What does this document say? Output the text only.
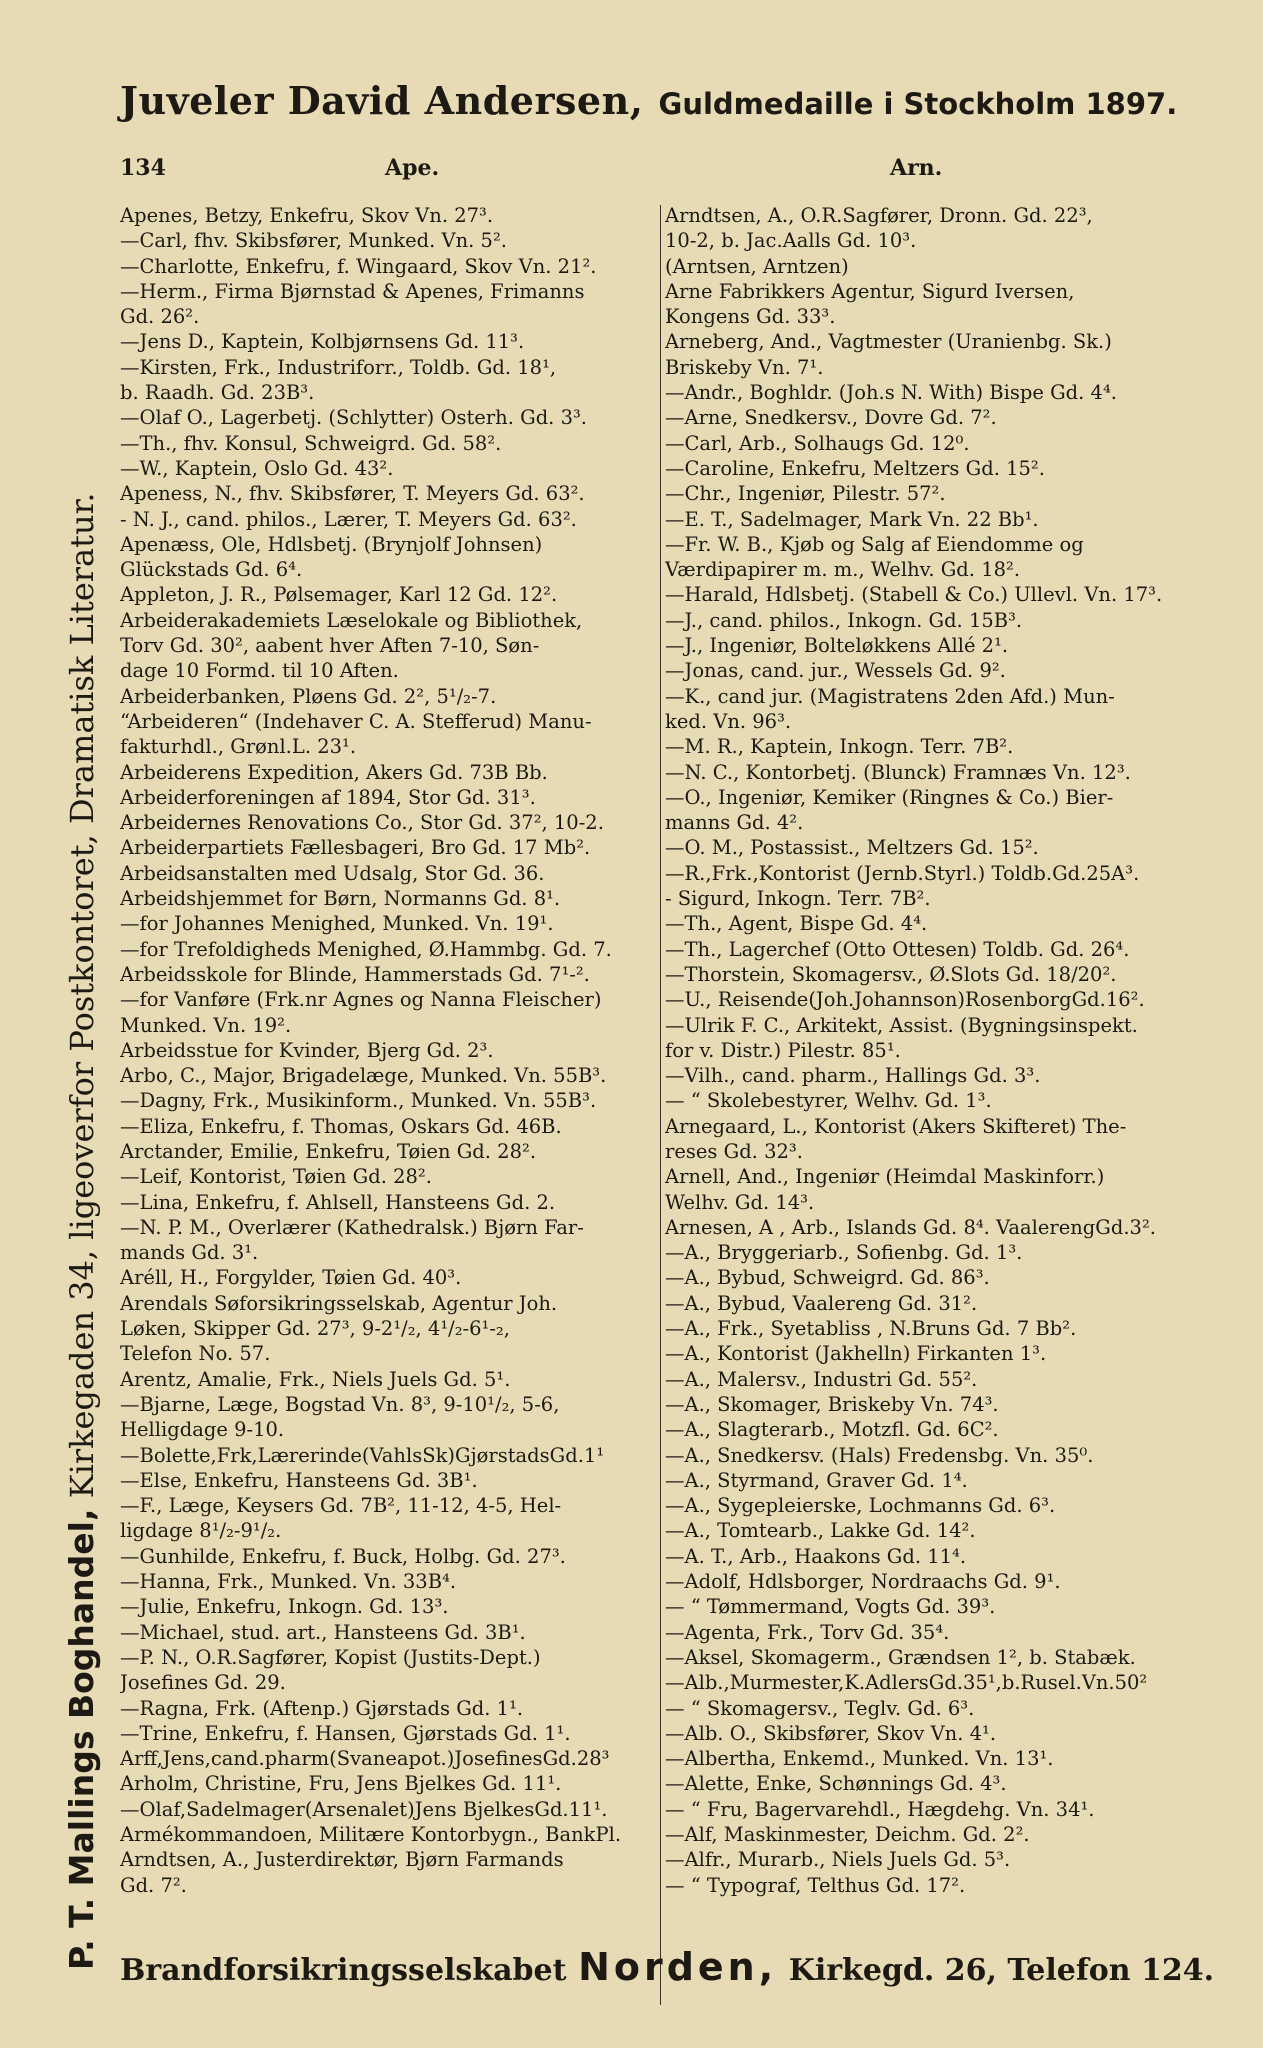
Juveler David Andersen, Guldmedaille i Stockholm 1897.
134	Ape.	Arn.
P. T. Mallings Boghandel, Kirkegaden 34, ligeoverfor Postkontoret, Dramatisk Literatur.
Apenes, Betzy, Enkefru, Skov Vn. 27³.
—Carl, fhv. Skibsfører, Munked. Vn. 5².
—Charlotte, Enkefru, f. Wingaard, Skov Vn. 21².
—Herm., Firma Bjørnstad & Apenes, Frimanns
Gd. 26².
—Jens D., Kaptein, Kolbjørnsens Gd. 11³.
—Kirsten, Frk., Industriforr., Toldb. Gd. 18¹,
b. Raadh. Gd. 23B³.
—Olaf O., Lagerbetj. (Schlytter) Osterh. Gd. 3³.
—Th., fhv. Konsul, Schweigrd. Gd. 58².
—W., Kaptein, Oslo Gd. 43².
Apeness, N., fhv. Skibsfører, T. Meyers Gd. 63².
- N. J., cand. philos., Lærer, T. Meyers Gd. 63².
Apenæss, Ole, Hdlsbetj. (Brynjolf Johnsen)
Glückstads Gd. 6⁴.
Appleton, J. R., Pølsemager, Karl 12 Gd. 12².
Arbeiderakademiets Læselokale og Bibliothek,
Torv Gd. 30², aabent hver Aften 7-10, Søn-
dage 10 Formd. til 10 Aften.
Arbeiderbanken, Pløens Gd. 2², 5¹/₂-7.
“Arbeideren“ (Indehaver C. A. Stefferud) Manu-
fakturhdl., Grønl.L. 23¹.
Arbeiderens Expedition, Akers Gd. 73B Bb.
Arbeiderforeningen af 1894, Stor Gd. 31³.
Arbeidernes Renovations Co., Stor Gd. 37², 10-2.
Arbeiderpartiets Fællesbageri, Bro Gd. 17 Mb².
Arbeidsanstalten med Udsalg, Stor Gd. 36.
Arbeidshjemmet for Børn, Normanns Gd. 8¹.
—for Johannes Menighed, Munked. Vn. 19¹.
—for Trefoldigheds Menighed, Ø.Hammbg. Gd. 7.
Arbeidsskole for Blinde, Hammerstads Gd. 7¹-².
—for Vanføre (Frk.nr Agnes og Nanna Fleischer)
Munked. Vn. 19².
Arbeidsstue for Kvinder, Bjerg Gd. 2³.
Arbo, C., Major, Brigadelæge, Munked. Vn. 55B³.
—Dagny, Frk., Musikinform., Munked. Vn. 55B³.
—Eliza, Enkefru, f. Thomas, Oskars Gd. 46B.
Arctander, Emilie, Enkefru, Tøien Gd. 28².
—Leif, Kontorist, Tøien Gd. 28².
—Lina, Enkefru, f. Ahlsell, Hansteens Gd. 2.
—N. P. M., Overlærer (Kathedralsk.) Bjørn Far-
mands Gd. 3¹.
Aréll, H., Forgylder, Tøien Gd. 40³.
Arendals Søforsikringsselskab, Agentur Joh.
Løken, Skipper Gd. 27³, 9-2¹/₂, 4¹/₂-6¹-₂,
Telefon No. 57.
Arentz, Amalie, Frk., Niels Juels Gd. 5¹.
—Bjarne, Læge, Bogstad Vn. 8³, 9-10¹/₂, 5-6,
Helligdage 9-10.
—Bolette,Frk,Lærerinde(VahlsSk)GjørstadsGd.1¹
—Else, Enkefru, Hansteens Gd. 3B¹.
—F., Læge, Keysers Gd. 7B², 11-12, 4-5, Hel-
ligdage 8¹/₂-9¹/₂.
—Gunhilde, Enkefru, f. Buck, Holbg. Gd. 27³.
—Hanna, Frk., Munked. Vn. 33B⁴.
—Julie, Enkefru, Inkogn. Gd. 13³.
—Michael, stud. art., Hansteens Gd. 3B¹.
—P. N., O.R.Sagfører, Kopist (Justits-Dept.)
Josefines Gd. 29.
—Ragna, Frk. (Aftenp.) Gjørstads Gd. 1¹.
—Trine, Enkefru, f. Hansen, Gjørstads Gd. 1¹.
Arff,Jens,cand.pharm(Svaneapot.)JosefinesGd.28³
Arholm, Christine, Fru, Jens Bjelkes Gd. 11¹.
—Olaf,Sadelmager(Arsenalet)Jens BjelkesGd.11¹.
Armékommandoen, Militære Kontorbygn., BankPl.
Arndtsen, A., Justerdirektør, Bjørn Farmands
Gd. 7².
Arndtsen, A., O.R.Sagfører, Dronn. Gd. 22³,
10-2, b. Jac.Aalls Gd. 10³.
(Arntsen, Arntzen)
Arne Fabrikkers Agentur, Sigurd Iversen,
Kongens Gd. 33³.
Arneberg, And., Vagtmester (Uranienbg. Sk.)
Briskeby Vn. 7¹.
—Andr., Boghldr. (Joh.s N. With) Bispe Gd. 4⁴.
—Arne, Snedkersv., Dovre Gd. 7².
—Carl, Arb., Solhaugs Gd. 12⁰.
—Caroline, Enkefru, Meltzers Gd. 15².
—Chr., Ingeniør, Pilestr. 57².
—E. T., Sadelmager, Mark Vn. 22 Bb¹.
—Fr. W. B., Kjøb og Salg af Eiendomme og
Værdipapirer m. m., Welhv. Gd. 18².
—Harald, Hdlsbetj. (Stabell & Co.) Ullevl. Vn. 17³.
—J., cand. philos., Inkogn. Gd. 15B³.
—J., Ingeniør, Bolteløkkens Allé 2¹.
—Jonas, cand. jur., Wessels Gd. 9².
—K., cand jur. (Magistratens 2den Afd.) Mun-
ked. Vn. 96³.
—M. R., Kaptein, Inkogn. Terr. 7B².
—N. C., Kontorbetj. (Blunck) Framnæs Vn. 12³.
—O., Ingeniør, Kemiker (Ringnes & Co.) Bier-
manns Gd. 4².
—O. M., Postassist., Meltzers Gd. 15².
—R.,Frk.,Kontorist (Jernb.Styrl.) Toldb.Gd.25A³.
- Sigurd, Inkogn. Terr. 7B².
—Th., Agent, Bispe Gd. 4⁴.
—Th., Lagerchef (Otto Ottesen) Toldb. Gd. 26⁴.
—Thorstein, Skomagersv., Ø.Slots Gd. 18/20².
—U., Reisende(Joh.Johannson)RosenborgGd.16².
—Ulrik F. C., Arkitekt, Assist. (Bygningsinspekt.
for v. Distr.) Pilestr. 85¹.
—Vilh., cand. pharm., Hallings Gd. 3³.
— “ Skolebestyrer, Welhv. Gd. 1³.
Arnegaard, L., Kontorist (Akers Skifteret) The-
reses Gd. 32³.
Arnell, And., Ingeniør (Heimdal Maskinforr.)
Welhv. Gd. 14³.
Arnesen, A , Arb., Islands Gd. 8⁴. VaalerengGd.3².
—A., Bryggeriarb., Sofienbg. Gd. 1³.
—A., Bybud, Schweigrd. Gd. 86³.
—A., Bybud, Vaalereng Gd. 31².
—A., Frk., Syetabliss , N.Bruns Gd. 7 Bb².
—A., Kontorist (Jakhelln) Firkanten 1³.
—A., Malersv., Industri Gd. 55².
—A., Skomager, Briskeby Vn. 74³.
—A., Slagterarb., Motzfl. Gd. 6C².
—A., Snedkersv. (Hals) Fredensbg. Vn. 35⁰.
—A., Styrmand, Graver Gd. 1⁴.
—A., Sygepleierske, Lochmanns Gd. 6³.
—A., Tomtearb., Lakke Gd. 14².
—A. T., Arb., Haakons Gd. 11⁴.
—Adolf, Hdlsborger, Nordraachs Gd. 9¹.
— “ Tømmermand, Vogts Gd. 39³.
—Agenta, Frk., Torv Gd. 35⁴.
—Aksel, Skomagerm., Grændsen 1², b. Stabæk.
—Alb.,Murmester,K.AdlersGd.35¹,b.Rusel.Vn.50²
— “ Skomagersv., Teglv. Gd. 6³.
—Alb. O., Skibsfører, Skov Vn. 4¹.
—Albertha, Enkemd., Munked. Vn. 13¹.
—Alette, Enke, Schønnings Gd. 4³.
— “ Fru, Bagervarehdl., Hægdehg. Vn. 34¹.
—Alf, Maskinmester, Deichm. Gd. 2².
—Alfr., Murarb., Niels Juels Gd. 5³.
— “ Typograf, Telthus Gd. 17².
Brandforsikringsselskabet Norden, Kirkegd. 26, Telefon 124.
